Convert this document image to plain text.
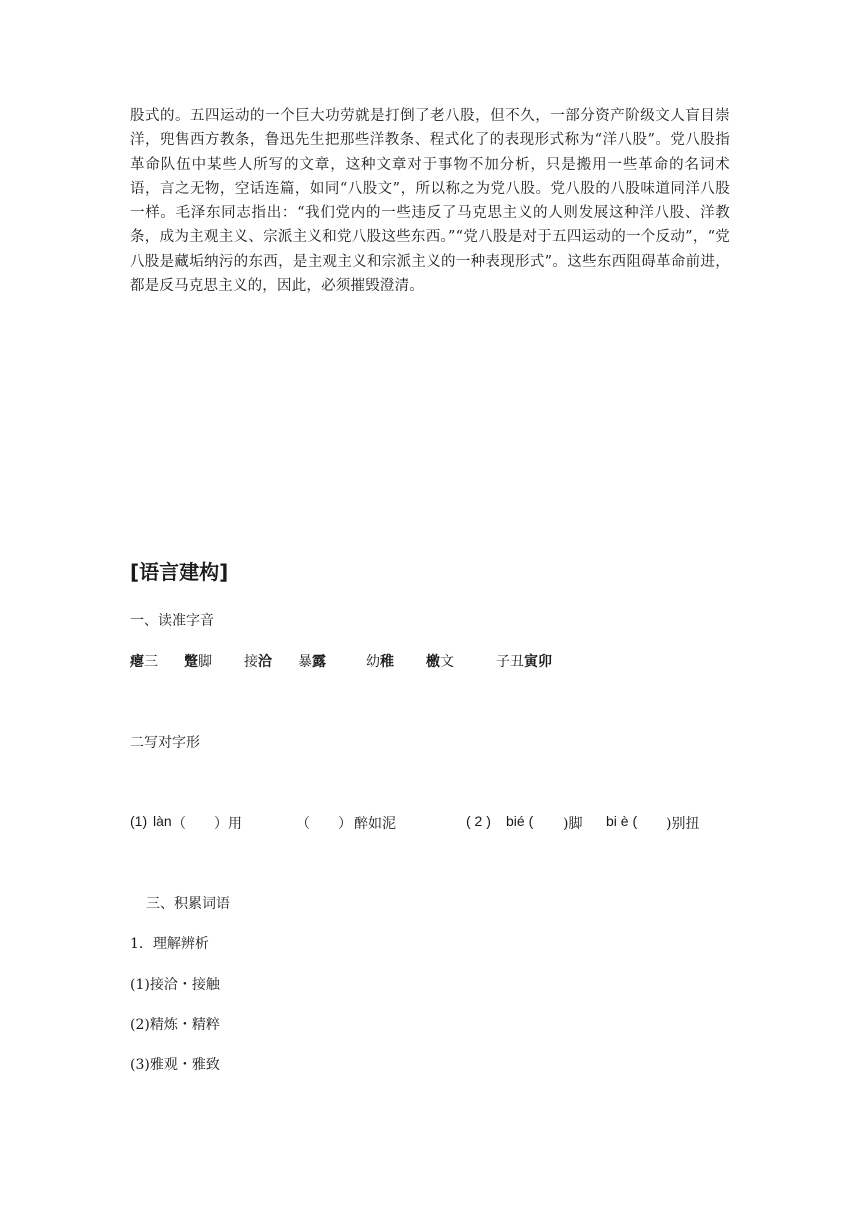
股式的。五四运动的一个巨大功劳就是打倒了老八股，但不久，一部分资产阶级文人盲目崇洋，兜售西方教条，鲁迅先生把那些洋教条、程式化了的表现形式称为“洋八股”。党八股指革命队伍中某些人所写的文章，这种文章对于事物不加分析，只是搬用一些革命的名词术语，言之无物，空话连篇，如同“八股文”，所以称之为党八股。党八股的八股味道同洋八股一样。毛泽东同志指出：“我们党内的一些违反了马克思主义的人则发展这种洋八股、洋教条，成为主观主义、宗派主义和党八股这些东西。”“党八股是对于五四运动的一个反动”，“党八股是藏垢纳污的东西，是主观主义和宗派主义的一种表现形式”。这些东西阻碍革命前进，都是反马克思主义的，因此，必须摧毁澄清。

[语言建构]
一、读准字音
瘪三 蹩脚 接洽 暴露	幼稚 檄文	子丑寅卯
二写对字形
(1) làn （　　）用	（　　） 醉如泥	( 2 ) bié ( )脚 bi è ( )别扭
三、积累词语
1．理解辨析
(1)接洽・接触
(2)精炼・精粹
(3)雅观・雅致
